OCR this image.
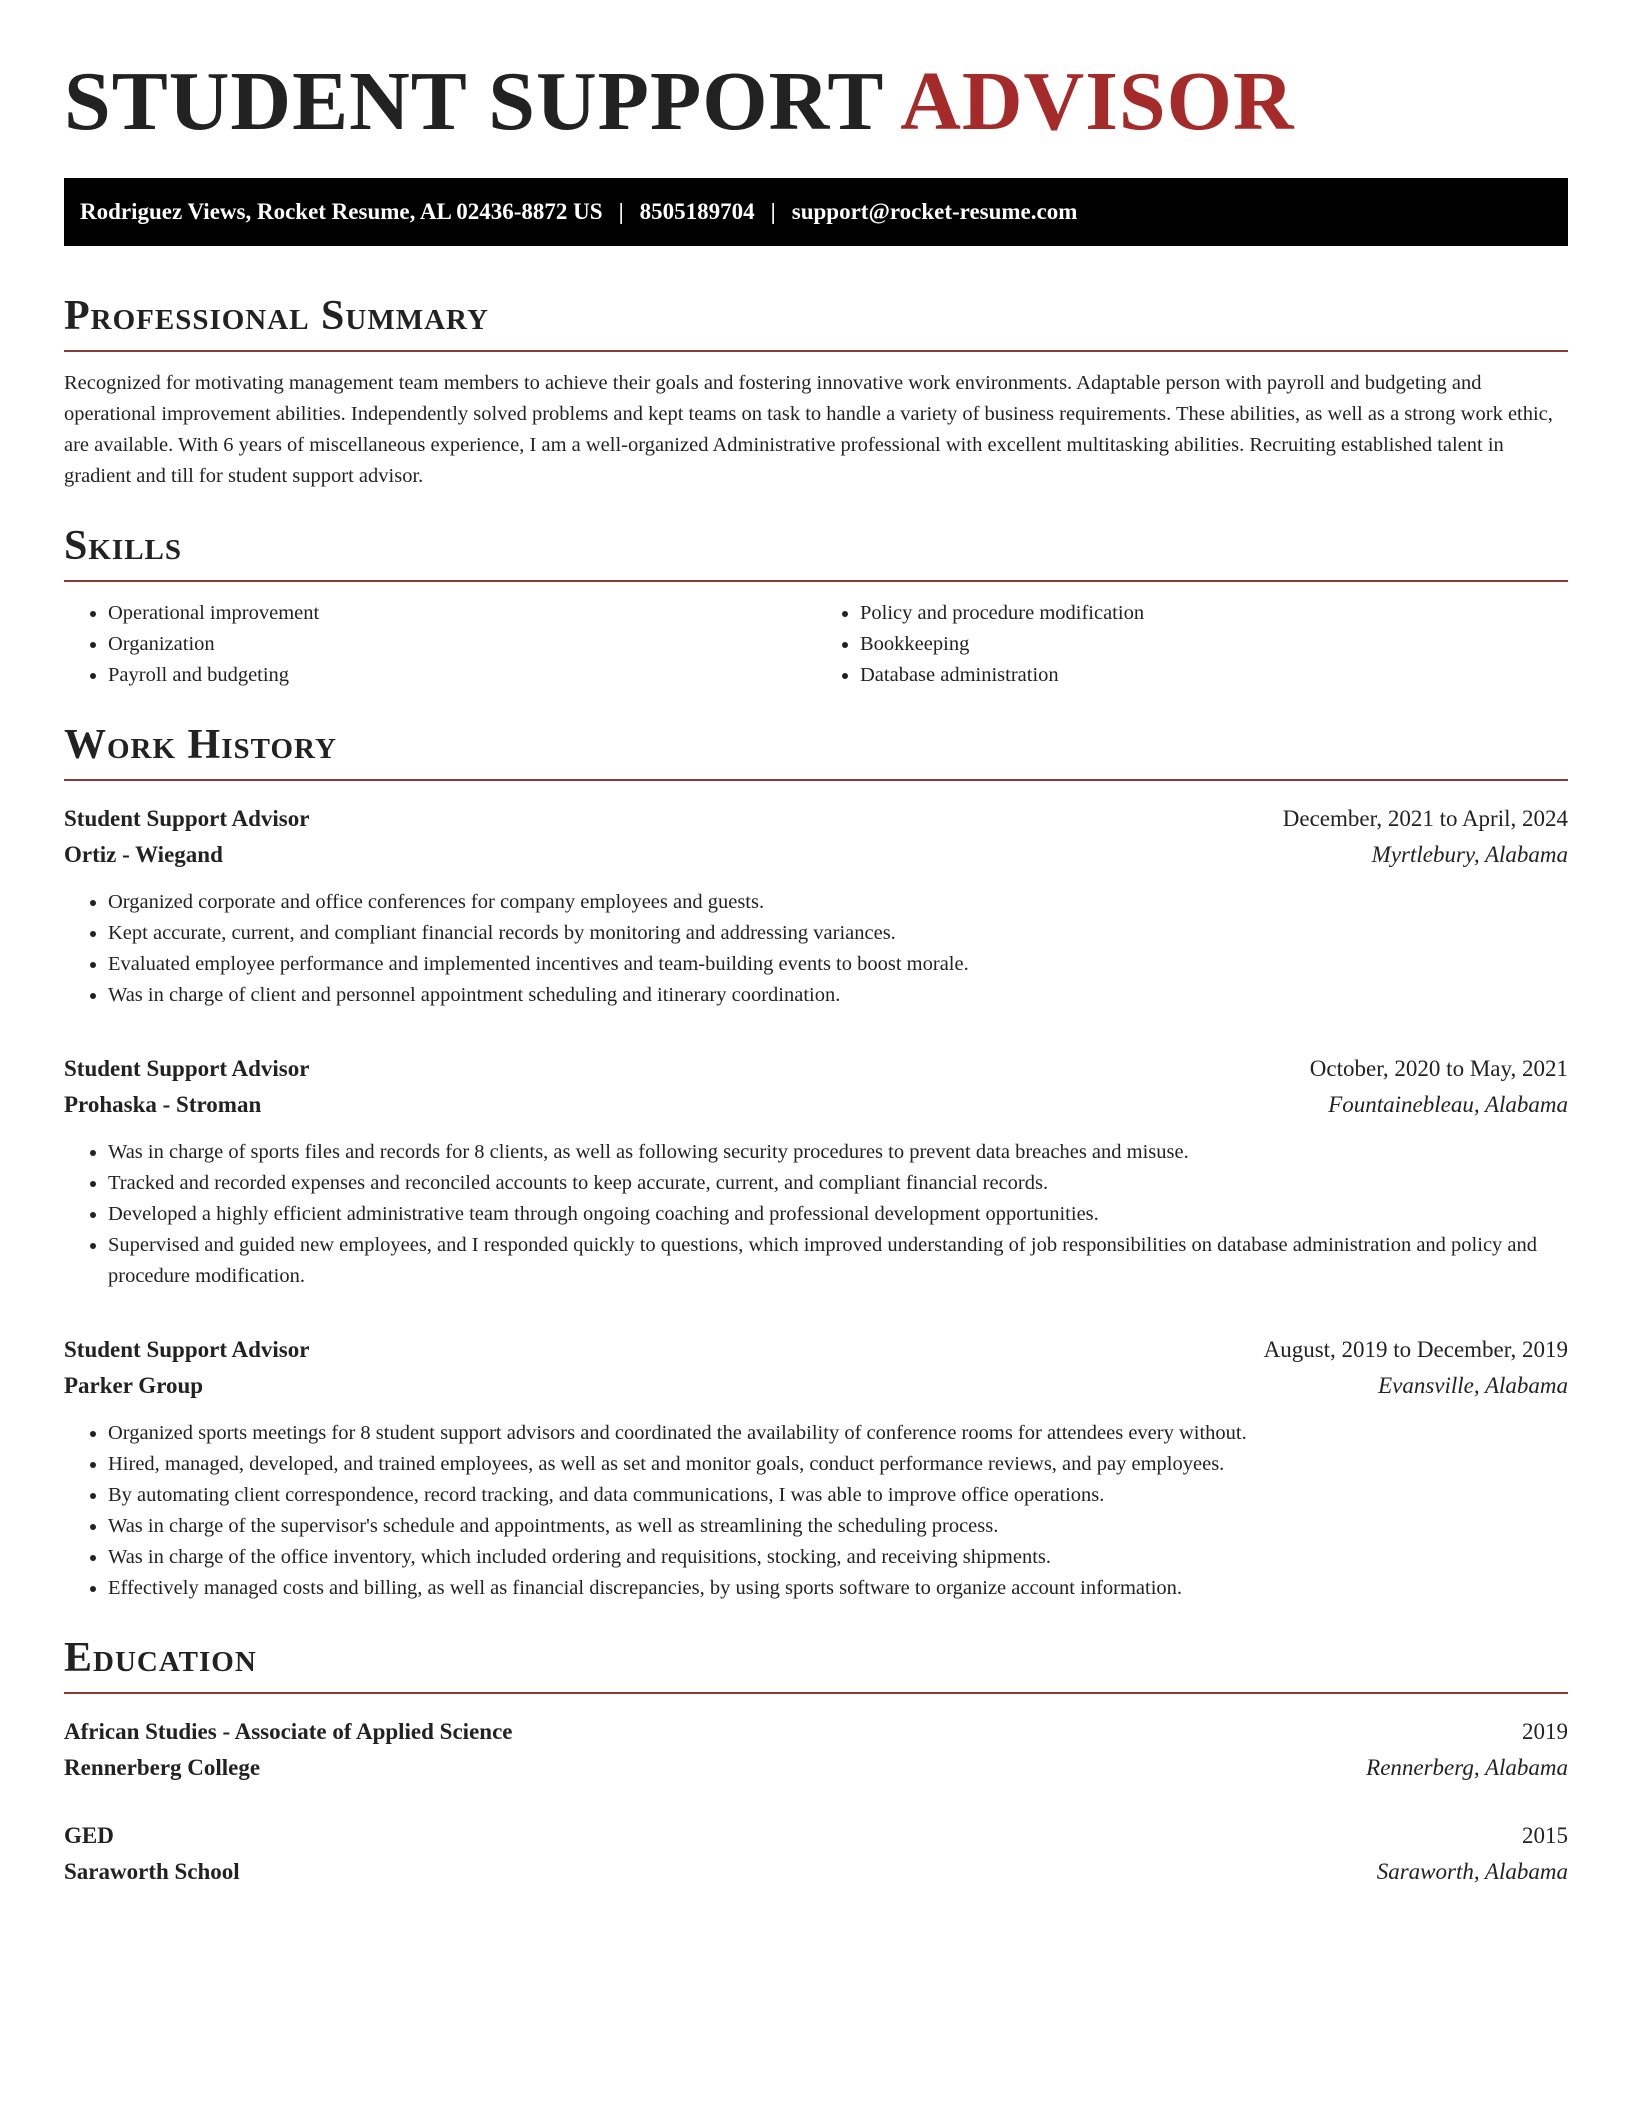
STUDENT SUPPORT ADVISOR
Rodriguez Views, Rocket Resume, AL 02436-8872 US | 8505189704 | support@rocket-resume.com
Professional Summary

Recognized for motivating management team members to achieve their goals and fostering innovative work environments. Adaptable person with payroll and budgeting and operational improvement abilities. Independently solved problems and kept teams on task to handle a variety of business requirements. These abilities, as well as a strong work ethic, are available. With 6 years of miscellaneous experience, I am a well-organized Administrative professional with excellent multitasking abilities. Recruiting established talent in gradient and till for student support advisor.

Skills
• Operational improvement
• Organization
• Payroll and budgeting
• Policy and procedure modification
• Bookkeeping
• Database administration
Work History
Student Support Advisor	December, 2021 to April, 2024
Ortiz - Wiegand	Myrtlebury, Alabama
• Organized corporate and office conferences for company employees and guests.
• Kept accurate, current, and compliant financial records by monitoring and addressing variances.
• Evaluated employee performance and implemented incentives and team-building events to boost morale.
• Was in charge of client and personnel appointment scheduling and itinerary coordination.
Student Support Advisor	October, 2020 to May, 2021
Prohaska - Stroman	Fountainebleau, Alabama
• Was in charge of sports files and records for 8 clients, as well as following security procedures to prevent data breaches and misuse.
• Tracked and recorded expenses and reconciled accounts to keep accurate, current, and compliant financial records.
• Developed a highly efficient administrative team through ongoing coaching and professional development opportunities.
• Supervised and guided new employees, and I responded quickly to questions, which improved understanding of job responsibilities on database administration and policy and procedure modification.
Student Support Advisor	August, 2019 to December, 2019
Parker Group	Evansville, Alabama
• Organized sports meetings for 8 student support advisors and coordinated the availability of conference rooms for attendees every without.
• Hired, managed, developed, and trained employees, as well as set and monitor goals, conduct performance reviews, and pay employees.
• By automating client correspondence, record tracking, and data communications, I was able to improve office operations.
• Was in charge of the supervisor's schedule and appointments, as well as streamlining the scheduling process.
• Was in charge of the office inventory, which included ordering and requisitions, stocking, and receiving shipments.
• Effectively managed costs and billing, as well as financial discrepancies, by using sports software to organize account information.
Education
African Studies - Associate of Applied Science	2019
Rennerberg College	Rennerberg, Alabama
GED	2015
Saraworth School	Saraworth, Alabama
